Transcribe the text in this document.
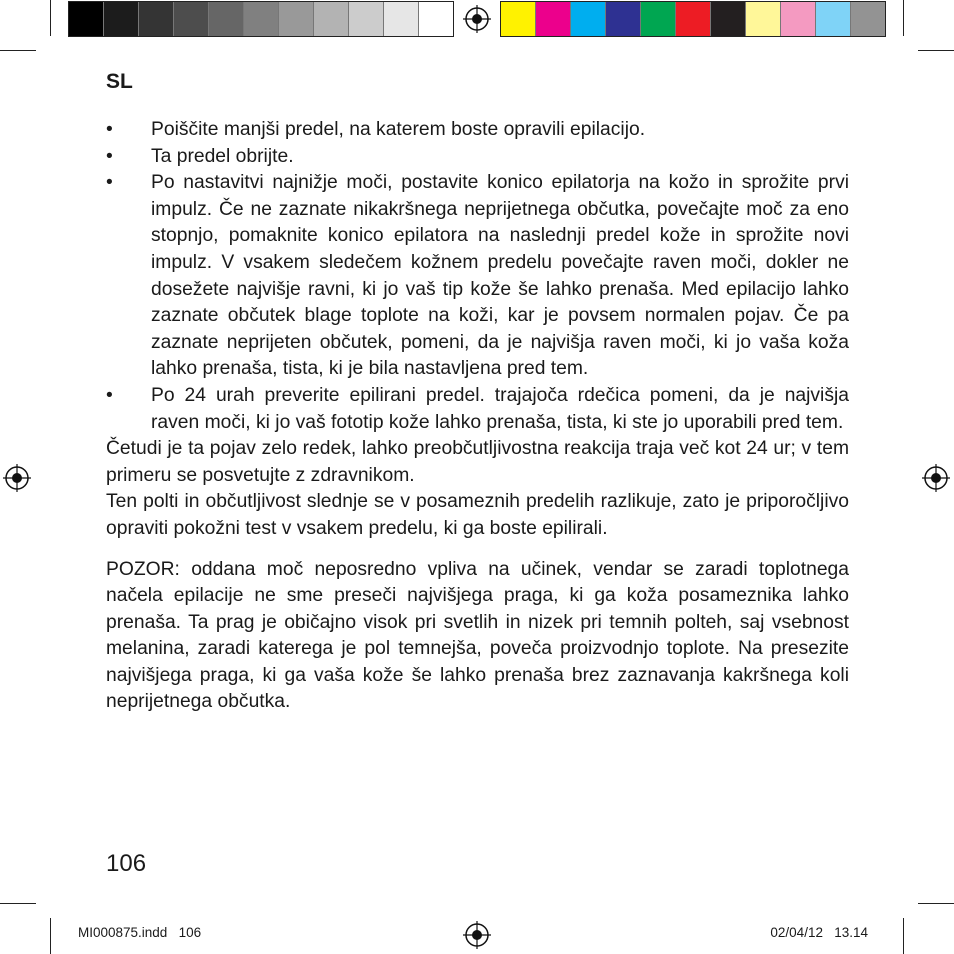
SL
• Poiščite manjši predel, na katerem boste opravili epilacijo.
• Ta predel obrijte.
• Po nastavitvi najnižje moči, postavite konico epilatorja na kožo in sprožite prvi impulz. Če ne zaznate nikakršnega neprijetnega občutka, povečajte moč za eno stopnjo, pomaknite konico epilatora na naslednji predel kože in sprožite novi impulz. V vsakem sledečem kožnem predelu povečajte raven moči, dokler ne dosežete najvišje ravni, ki jo vaš tip kože še lahko prenaša. Med epilacijo lahko zaznate občutek blage toplote na koži, kar je povsem normalen pojav. Če pa zaznate neprijeten občutek, pomeni, da je najvišja raven moči, ki jo vaša koža lahko prenaša, tista, ki je bila nastavljena pred tem.
• Po 24 urah preverite epilirani predel. trajajoča rdečica pomeni, da je najvišja raven moči, ki jo vaš fototip kože lahko prenaša, tista, ki ste jo uporabili pred tem.

Četudi je ta pojav zelo redek, lahko preobčutljivostna reakcija traja več kot 24 ur; v tem primeru se posvetujte z zdravnikom.

Ten polti in občutljivost slednje se v posameznih predelih razlikuje, zato je priporočljivo opraviti pokožni test v vsakem predelu, ki ga boste epilirali.

POZOR: oddana moč neposredno vpliva na učinek, vendar se zaradi toplotnega načela epilacije ne sme preseči najvišjega praga, ki ga koža posameznika lahko prenaša. Ta prag je običajno visok pri svetlih in nizek pri temnih polteh, saj vsebnost melanina, zaradi katerega je pol temnejša, poveča proizvodnjo toplote. Na presezite najvišjega praga, ki ga vaša kože še lahko prenaša brez zaznavanja kakršnega koli neprijetnega občutka.

106
MI000875.indd   106	02/04/12   13.14
